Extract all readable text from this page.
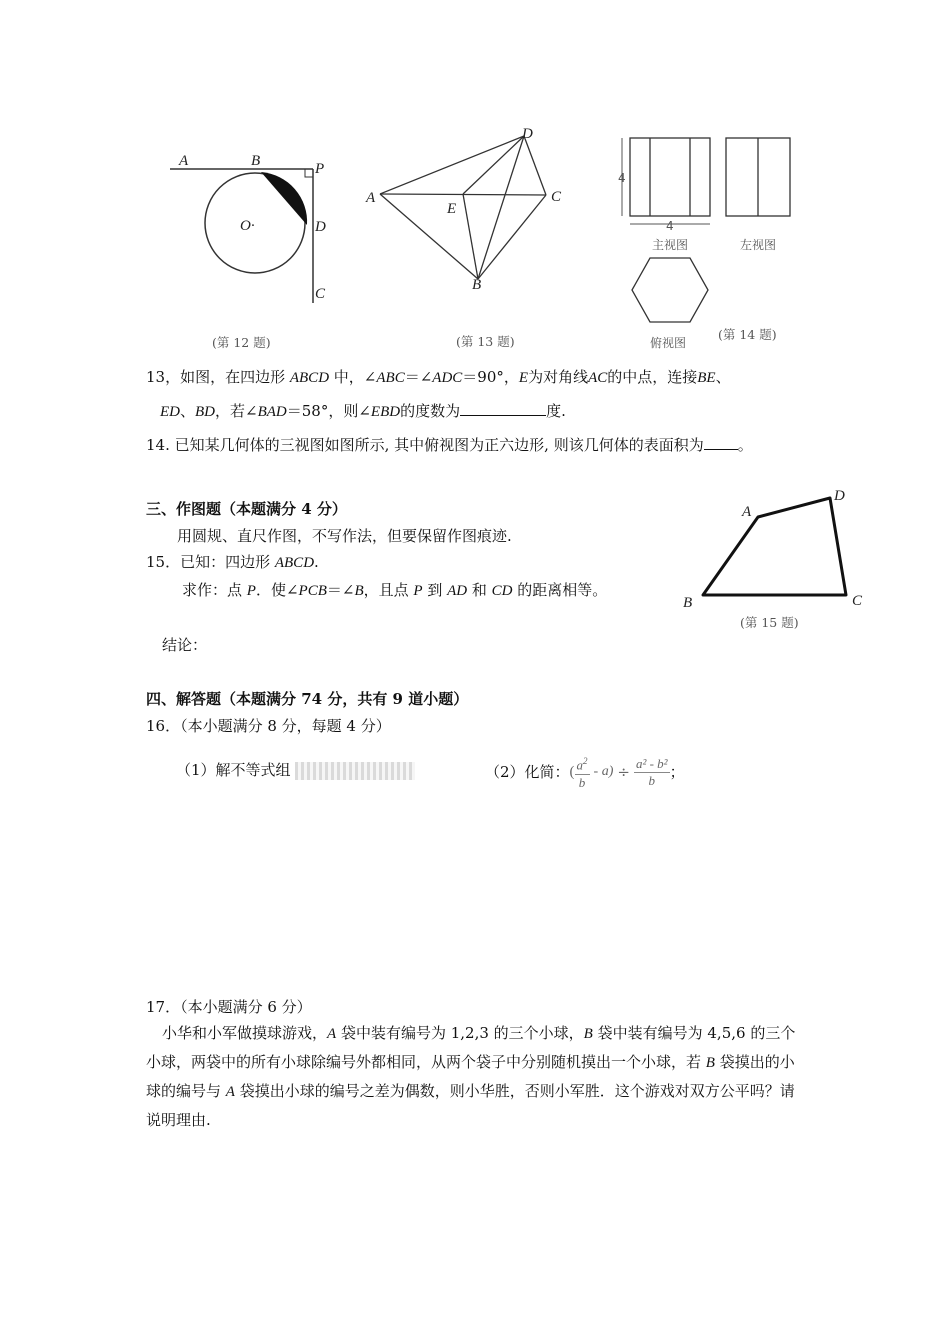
A	B	P
O·	D
C
(第 12 题)
A
D
C
E
B
(第 13 题)
4
4
主视图	左视图
俯视图
(第 14 题)
13，如图，在四边形 ABCD 中，∠ABC＝∠ADC＝90°，E为对角线AC的中点，连接BE、
ED、BD，若∠BAD＝58°，则∠EBD的度数为	度.
14. 已知某几何体的三视图如图所示, 其中俯视图为正六边形, 则该几何体的表面积为 。
三、作图题（本题满分 4 分）
用圆规、直尺作图，不写作法，但要保留作图痕迹.
15．已知：四边形 ABCD.
求作：点 P．使∠PCB＝∠B，且点 P 到 AD 和 CD 的距离相等。
结论：
A
D
B	C
(第 15 题)
四、解答题（本题满分 74 分，共有 9 道小题）
16．（本小题满分 8 分，每题 4 分）
（1）解不等式组	（2）化简： ( $\frac{a^2}{b} - a) \div \frac{\text{a² - b²}}{b}$ ；
17．（本小题满分 6 分）
小华和小军做摸球游戏，A 袋中装有编号为 1,2,3 的三个小球，B 袋中装有编号为 4,5,6 的三个小球，两袋中的所有小球除编号外都相同，从两个袋子中分别随机摸出一个小球，若 B 袋摸出的小球的编号与 A 袋摸出小球的编号之差为偶数，则小华胜，否则小军胜．这个游戏对双方公平吗？请说明理由.
